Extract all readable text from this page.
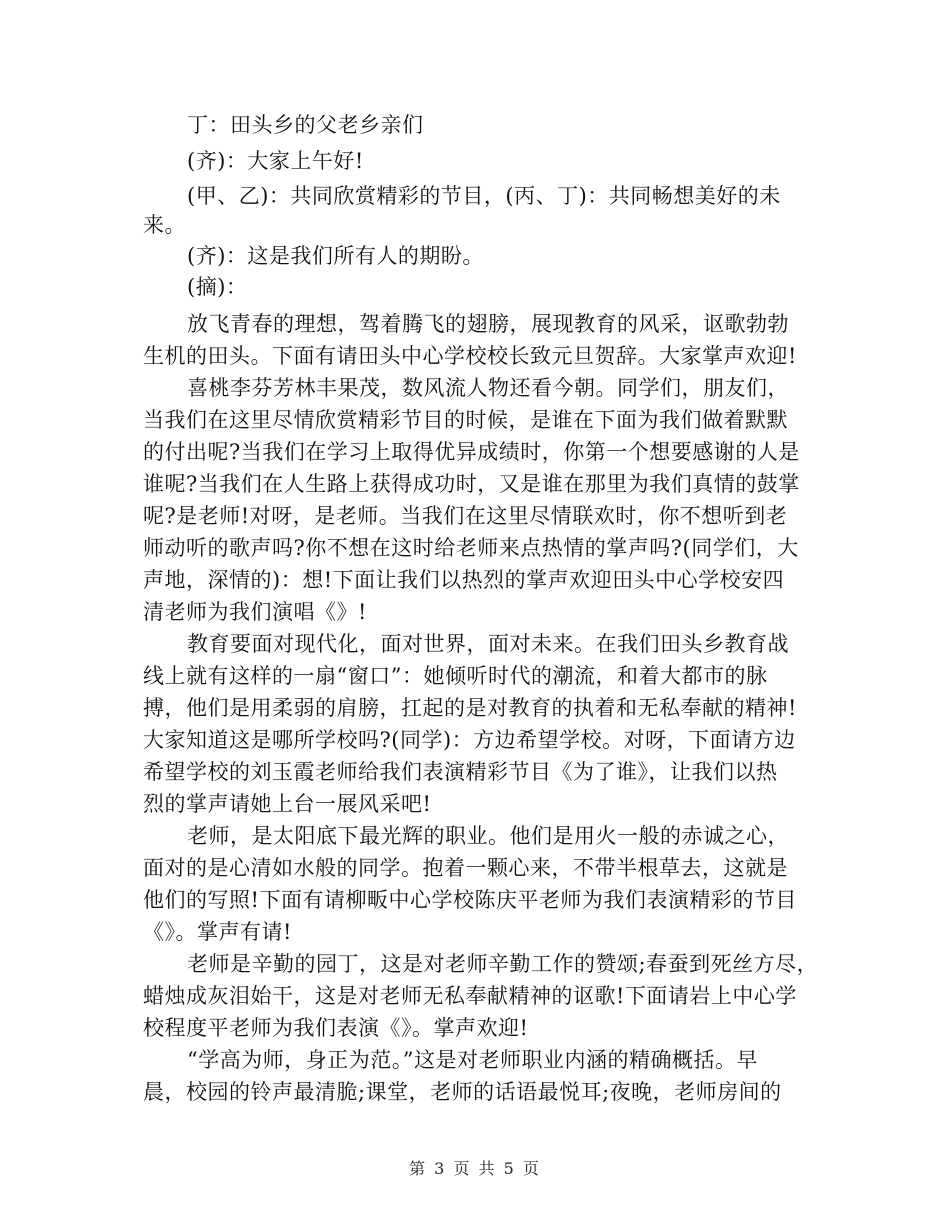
丁：田头乡的父老乡亲们
(齐)：大家上午好!
(甲、乙)：共同欣赏精彩的节目，(丙、丁)：共同畅想美好的未
来。
(齐)：这是我们所有人的期盼。
(摘)：
放飞青春的理想，驾着腾飞的翅膀，展现教育的风采，讴歌勃勃
生机的田头。下面有请田头中心学校校长致元旦贺辞。大家掌声欢迎!
喜桃李芬芳林丰果茂，数风流人物还看今朝。同学们，朋友们，
当我们在这里尽情欣赏精彩节目的时候，是谁在下面为我们做着默默
的付出呢?当我们在学习上取得优异成绩时，你第一个想要感谢的人是
谁呢?当我们在人生路上获得成功时，又是谁在那里为我们真情的鼓掌
呢?是老师!对呀，是老师。当我们在这里尽情联欢时，你不想听到老
师动听的歌声吗?你不想在这时给老师来点热情的掌声吗?(同学们，大
声地，深情的)：想!下面让我们以热烈的掌声欢迎田头中心学校安四
清老师为我们演唱《》!
教育要面对现代化，面对世界，面对未来。在我们田头乡教育战
线上就有这样的一扇“窗口”：她倾听时代的潮流，和着大都市的脉
搏，他们是用柔弱的肩膀，扛起的是对教育的执着和无私奉献的精神!
大家知道这是哪所学校吗?(同学)：方边希望学校。对呀，下面请方边
希望学校的刘玉霞老师给我们表演精彩节目《为了谁》，让我们以热
烈的掌声请她上台一展风采吧!
老师，是太阳底下最光辉的职业。他们是用火一般的赤诚之心，
面对的是心清如水般的同学。抱着一颗心来，不带半根草去，这就是
他们的写照!下面有请柳畈中心学校陈庆平老师为我们表演精彩的节目
《》。掌声有请!
老师是辛勤的园丁，这是对老师辛勤工作的赞颂;春蚕到死丝方尽，
蜡烛成灰泪始干，这是对老师无私奉献精神的讴歌!下面请岩上中心学
校程度平老师为我们表演《》。掌声欢迎!
“学高为师，身正为范。”这是对老师职业内涵的精确概括。早
晨，校园的铃声最清脆;课堂，老师的话语最悦耳;夜晚，老师房间的
第 3 页 共 5 页
